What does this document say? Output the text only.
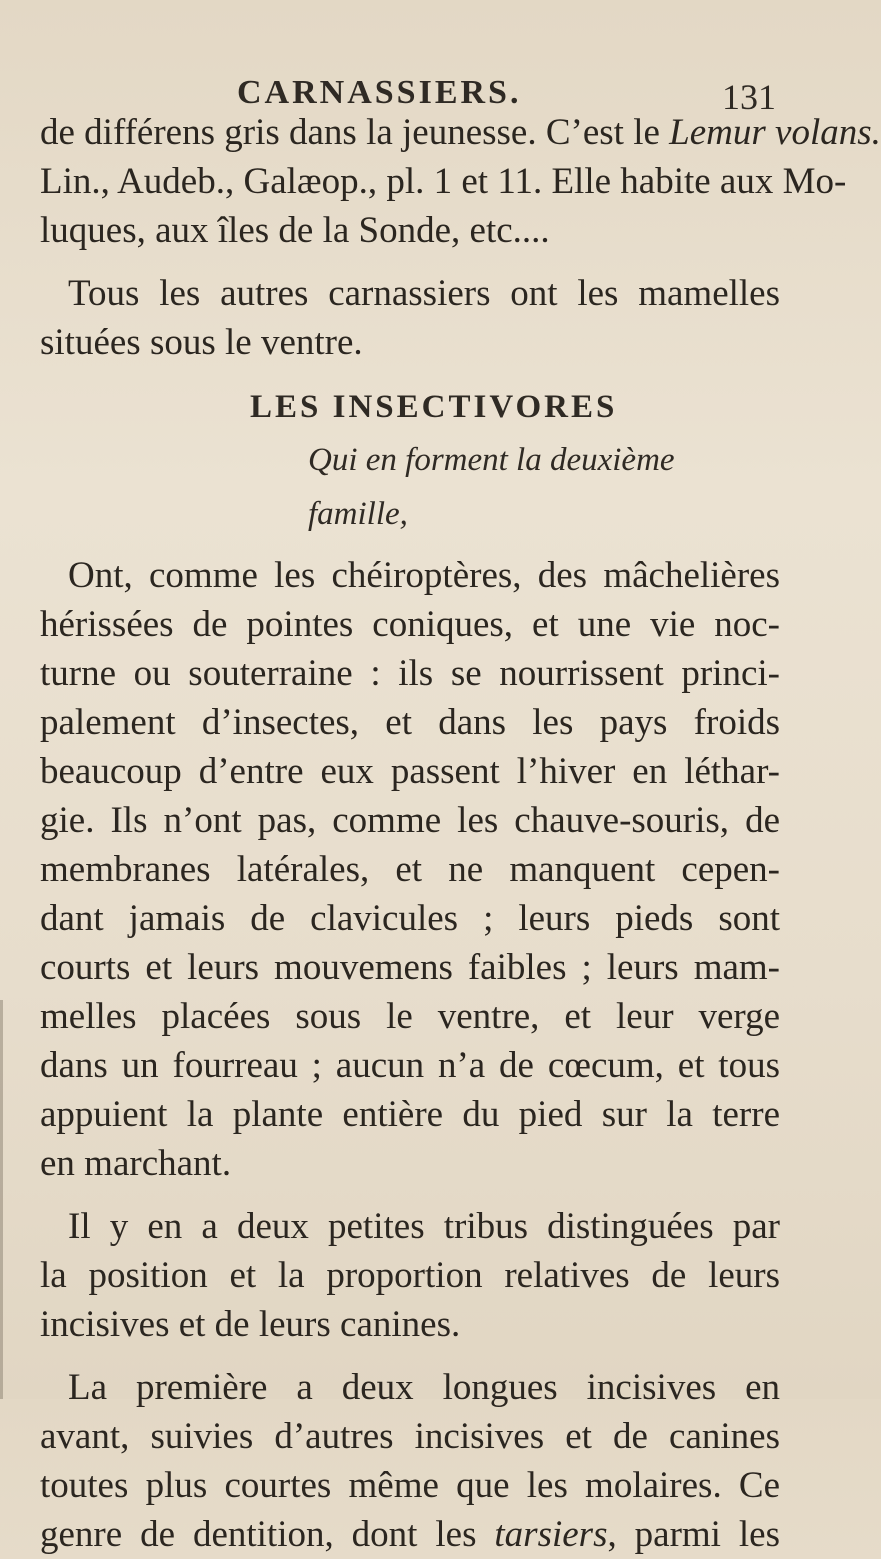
CARNASSIERS.	131
de différens gris dans la jeunesse. C’est le Lemur volans.
Lin., Audeb., Galæop., pl. 1 et 11. Elle habite aux Mo-
luques, aux îles de la Sonde, etc....
Tous les autres carnassiers ont les mamelles
situées sous le ventre.
LES INSECTIVORES
Qui en forment la deuxième famille,
Ont, comme les chéiroptères, des mâchelières
hérissées de pointes coniques, et une vie noc-
turne ou souterraine : ils se nourrissent princi-
palement d’insectes, et dans les pays froids
beaucoup d’entre eux passent l’hiver en léthar-
gie. Ils n’ont pas, comme les chauve-souris, de
membranes latérales, et ne manquent cepen-
dant jamais de clavicules ; leurs pieds sont
courts et leurs mouvemens faibles ; leurs mam-
melles placées sous le ventre, et leur verge
dans un fourreau ; aucun n’a de cœcum, et tous
appuient la plante entière du pied sur la terre
en marchant.
Il y en a deux petites tribus distinguées par
la position et la proportion relatives de leurs
incisives et de leurs canines.
La première a deux longues incisives en
avant, suivies d’autres incisives et de canines
toutes plus courtes même que les molaires. Ce
genre de dentition, dont les tarsiers, parmi les
